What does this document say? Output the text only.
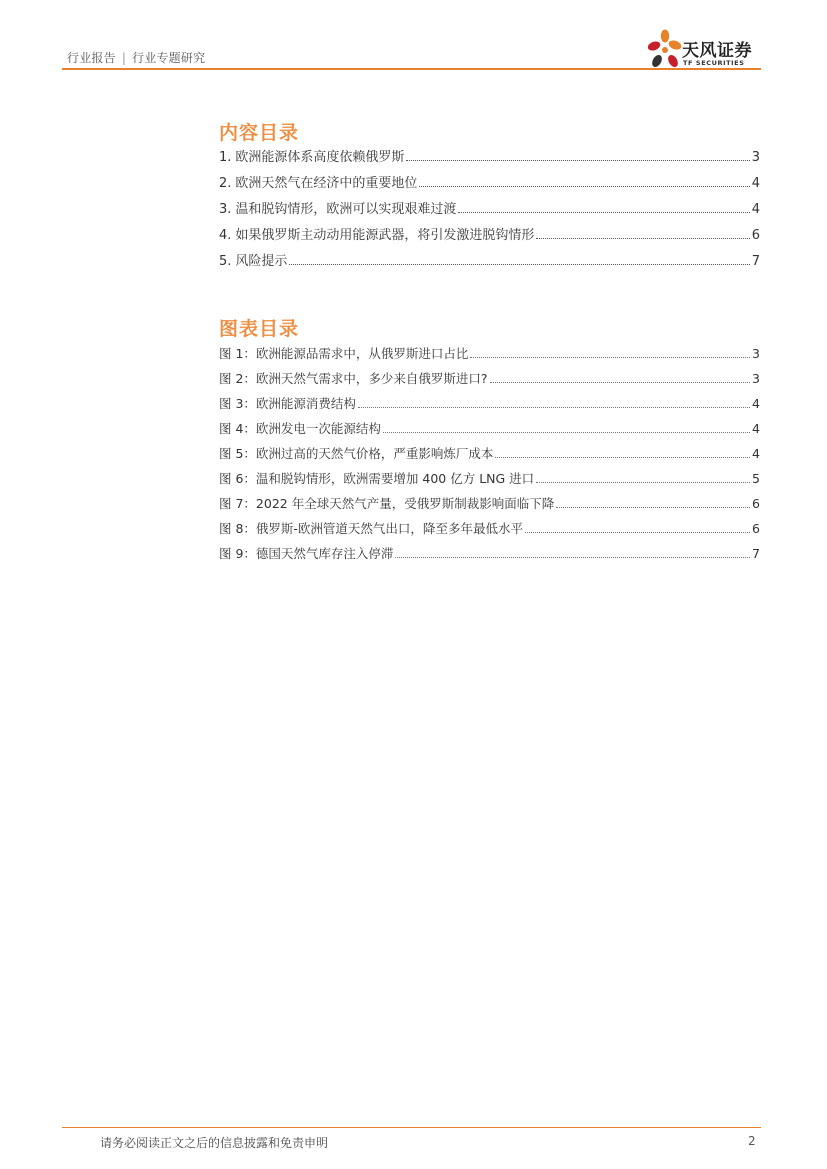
行业报告 | 行业专题研究	天风证券
TF SECURITIES
内容目录
1. 欧洲能源体系高度依赖俄罗斯	3
2. 欧洲天然气在经济中的重要地位	4
3. 温和脱钩情形，欧洲可以实现艰难过渡	4
4. 如果俄罗斯主动动用能源武器，将引发激进脱钩情形	6
5. 风险提示	7
图表目录
图 1：欧洲能源品需求中，从俄罗斯进口占比	3
图 2：欧洲天然气需求中，多少来自俄罗斯进口?	3
图 3：欧洲能源消费结构	4
图 4：欧洲发电一次能源结构	4
图 5：欧洲过高的天然气价格，严重影响炼厂成本	4
图 6：温和脱钩情形，欧洲需要增加 400 亿方 LNG 进口	5
图 7：2022 年全球天然气产量，受俄罗斯制裁影响面临下降	6
图 8：俄罗斯-欧洲管道天然气出口，降至多年最低水平	6
图 9：德国天然气库存注入停滞	7
请务必阅读正文之后的信息披露和免责申明	2
